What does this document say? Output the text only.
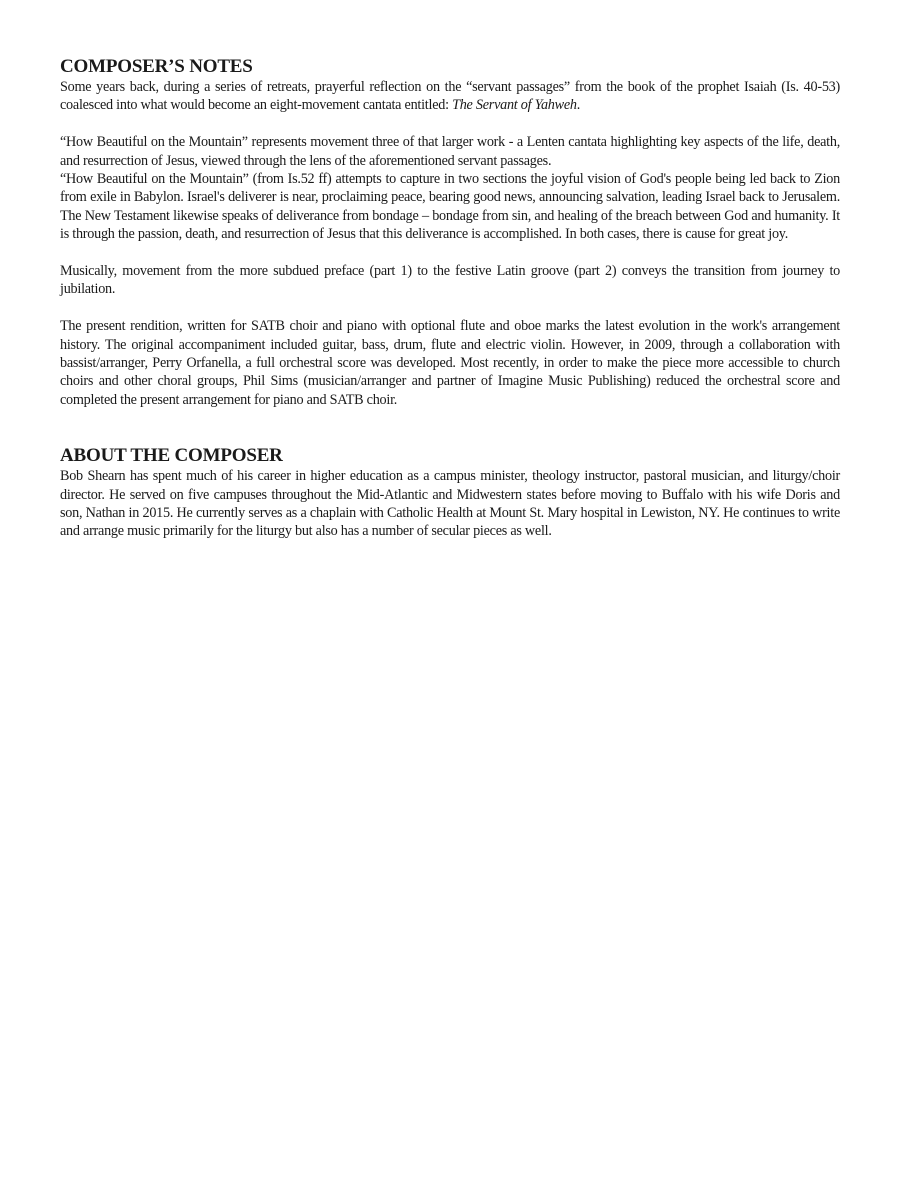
COMPOSER’S NOTES

Some years back, during a series of retreats, prayerful reflection on the “servant passages” from the book of the prophet Isaiah (Is. 40-53) coalesced into what would become an eight-movement cantata entitled: The Servant of Yahweh.

“How Beautiful on the Mountain” represents movement three of that larger work - a Lenten cantata highlighting key aspects of the life, death, and resurrection of Jesus, viewed through the lens of the aforementioned servant passages.

“How Beautiful on the Mountain” (from Is.52 ff) attempts to capture in two sections the joyful vision of God's people being led back to Zion from exile in Babylon. Israel's deliverer is near, proclaiming peace, bearing good news, announcing salvation, leading Israel back to Jerusalem. The New Testament likewise speaks of deliverance from bondage – bondage from sin, and healing of the breach between God and humanity. It is through the passion, death, and resurrection of Jesus that this deliverance is accomplished. In both cases, there is cause for great joy.

Musically, movement from the more subdued preface (part 1) to the festive Latin groove (part 2) conveys the transition from journey to jubilation.

The present rendition, written for SATB choir and piano with optional flute and oboe marks the latest evolution in the work's arrangement history. The original accompaniment included guitar, bass, drum, flute and electric violin. However, in 2009, through a collaboration with bassist/arranger, Perry Orfanella, a full orchestral score was developed. Most recently, in order to make the piece more accessible to church choirs and other choral groups, Phil Sims (musician/arranger and partner of Imagine Music Publishing) reduced the orchestral score and completed the present arrangement for piano and SATB choir.

ABOUT THE COMPOSER

Bob Shearn has spent much of his career in higher education as a campus minister, theology instructor, pastoral musician, and liturgy/choir director. He served on five campuses throughout the Mid-Atlantic and Midwestern states before moving to Buffalo with his wife Doris and son, Nathan in 2015. He currently serves as a chaplain with Catholic Health at Mount St. Mary hospital in Lewiston, NY. He continues to write and arrange music primarily for the liturgy but also has a number of secular pieces as well.
